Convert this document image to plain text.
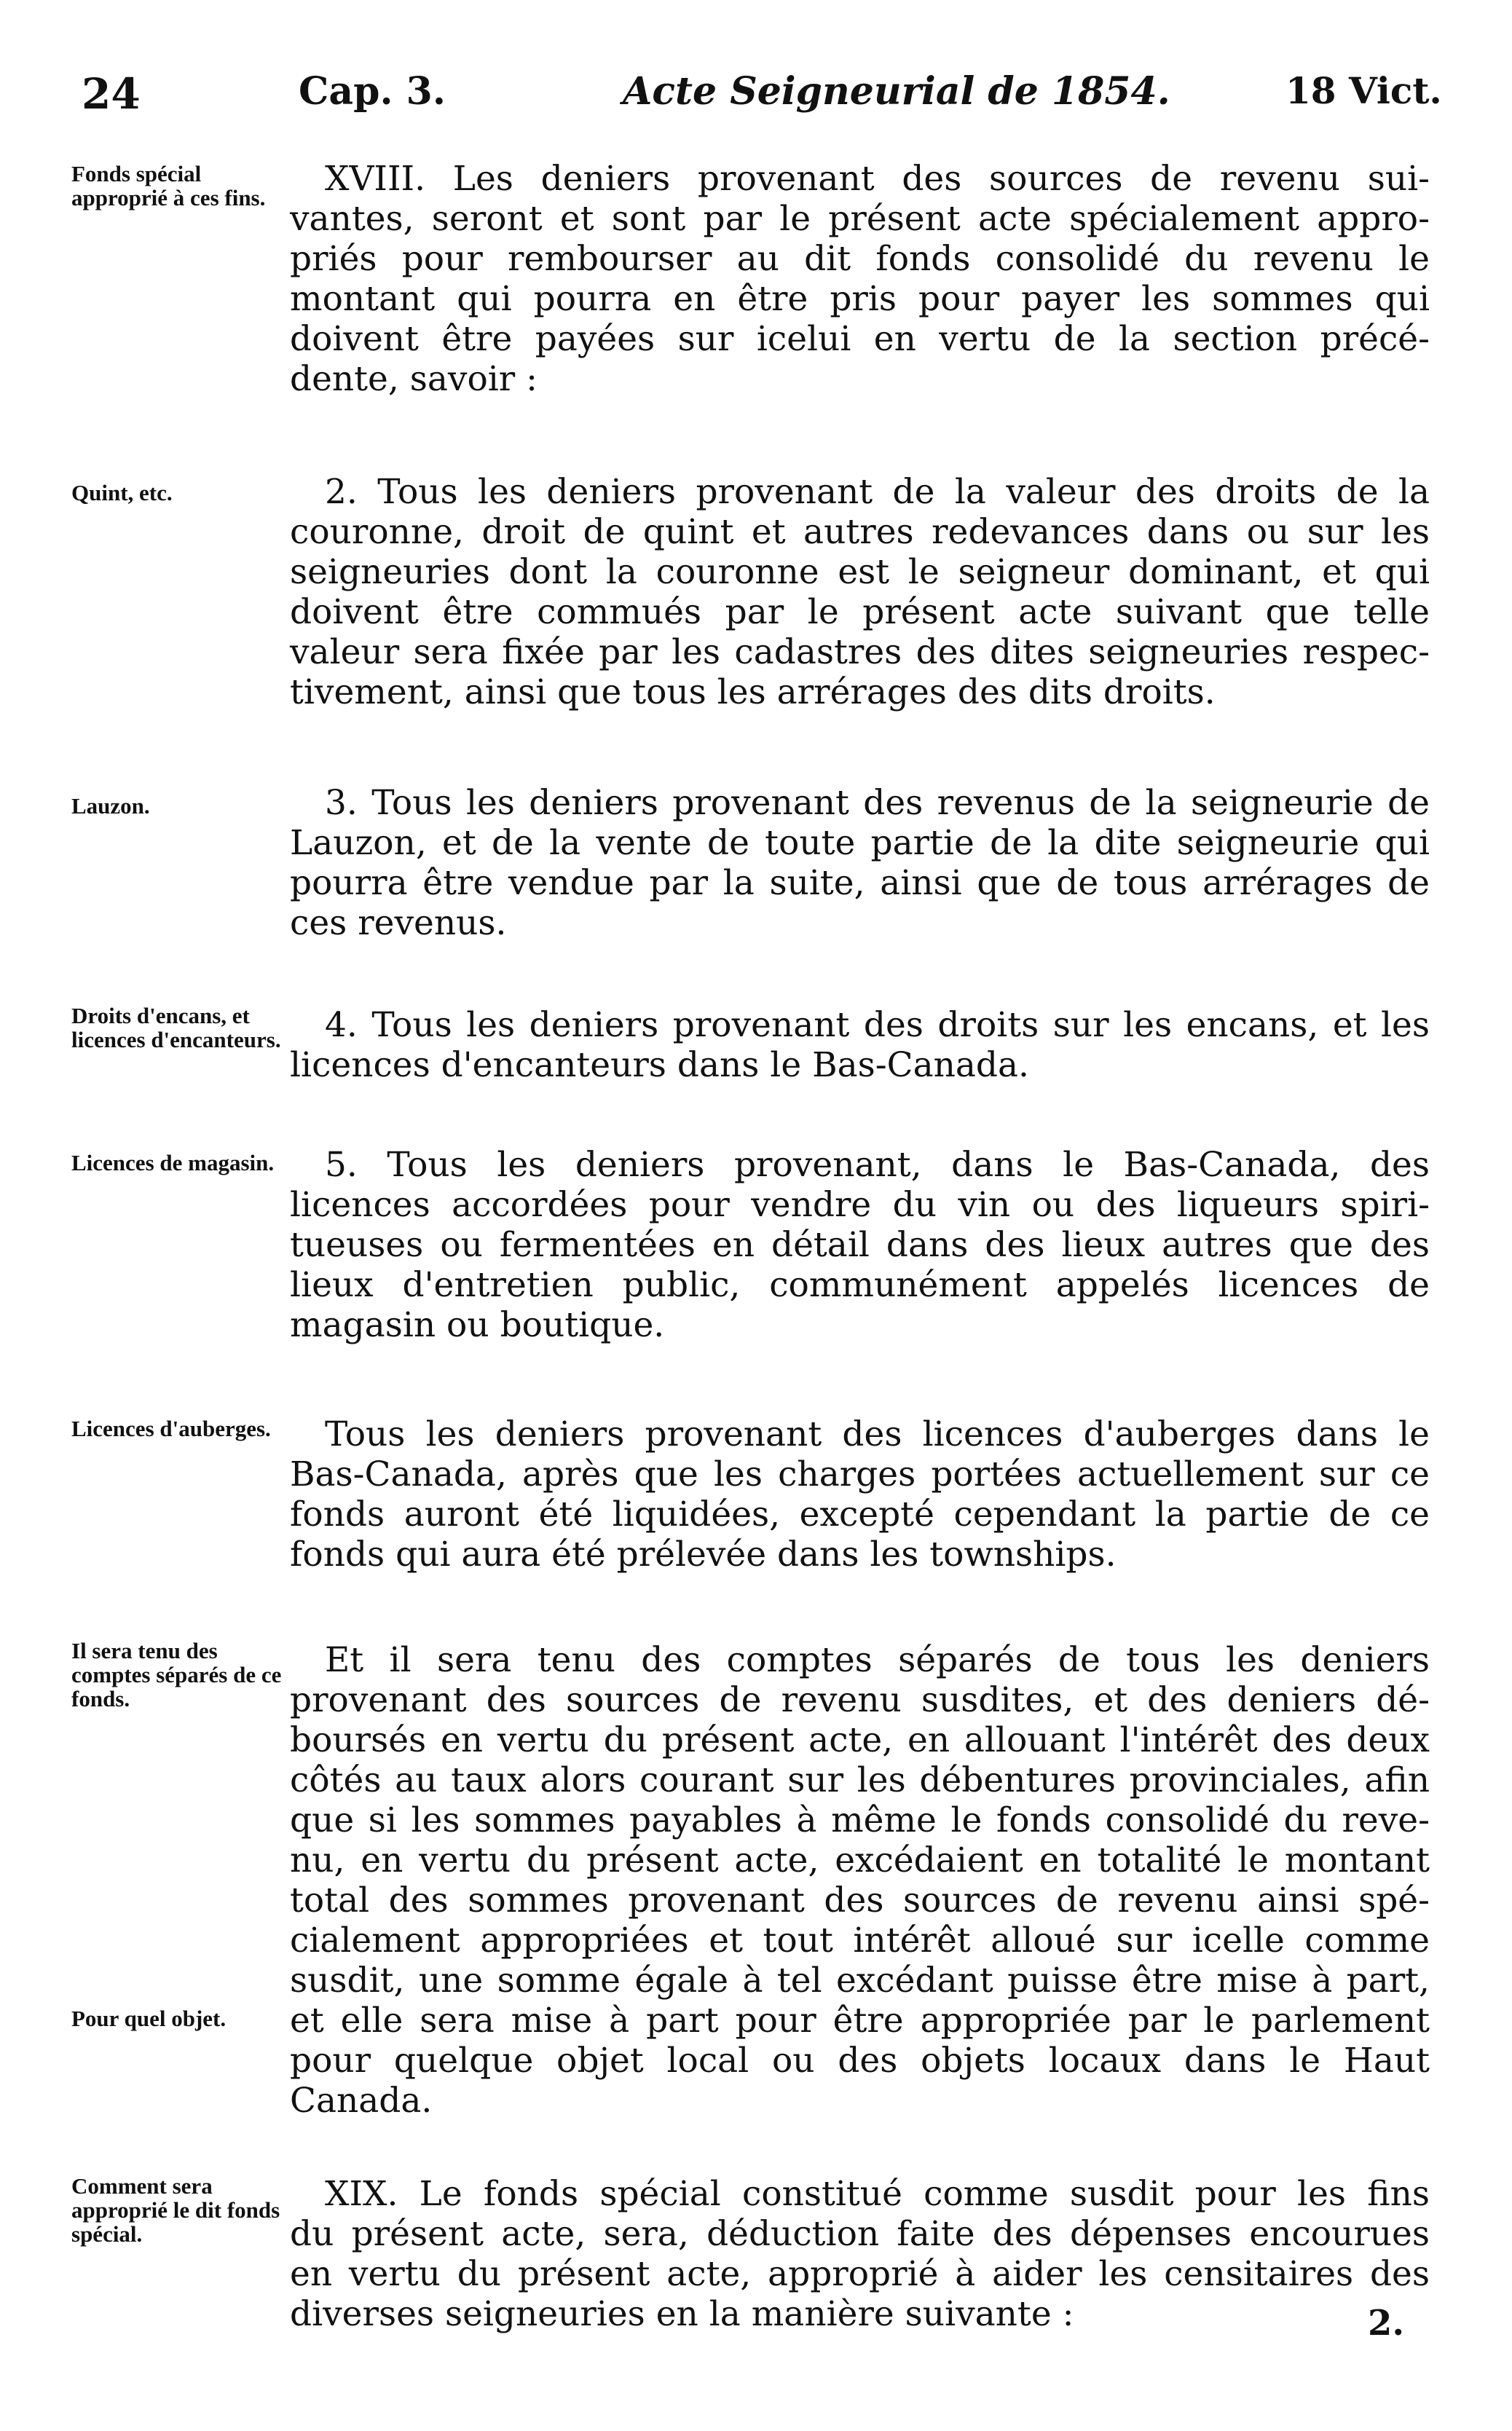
24	Cap. 3.	Acte Seigneurial de 1854.	18 Vict.
Fonds spécial approprié à ces fins.	XVIII. Les deniers provenant des sources de revenu sui-
vantes, seront et sont par le présent acte spécialement appro-
priés pour rembourser au dit fonds consolidé du revenu le
montant qui pourra en être pris pour payer les sommes qui
doivent être payées sur icelui en vertu de la section précé-
dente, savoir :
Quint, etc.	2. Tous les deniers provenant de la valeur des droits de la
couronne, droit de quint et autres redevances dans ou sur les
seigneuries dont la couronne est le seigneur dominant, et qui
doivent être commués par le présent acte suivant que telle
valeur sera fixée par les cadastres des dites seigneuries respec-
tivement, ainsi que tous les arrérages des dits droits.
Lauzon.	3. Tous les deniers provenant des revenus de la seigneurie de
Lauzon, et de la vente de toute partie de la dite seigneurie qui
pourra être vendue par la suite, ainsi que de tous arrérages de
ces revenus.
Droits d'encans, et licences d'encanteurs.	4. Tous les deniers provenant des droits sur les encans, et les
licences d'encanteurs dans le Bas-Canada.
Licences de magasin.	5. Tous les deniers provenant, dans le Bas-Canada, des
licences accordées pour vendre du vin ou des liqueurs spiri-
tueuses ou fermentées en détail dans des lieux autres que des
lieux d'entretien public, communément appelés licences de
magasin ou boutique.
Licences d'auberges.	Tous les deniers provenant des licences d'auberges dans le
Bas-Canada, après que les charges portées actuellement sur ce
fonds auront été liquidées, excepté cependant la partie de ce
fonds qui aura été prélevée dans les townships.
Il sera tenu des comptes séparés de ce fonds.
Pour quel objet.
Et il sera tenu des comptes séparés de tous les deniers
provenant des sources de revenu susdites, et des deniers dé-
boursés en vertu du présent acte, en allouant l'intérêt des deux
côtés au taux alors courant sur les débentures provinciales, afin
que si les sommes payables à même le fonds consolidé du reve-
nu, en vertu du présent acte, excédaient en totalité le montant
total des sommes provenant des sources de revenu ainsi spé-
cialement appropriées et tout intérêt alloué sur icelle comme
susdit, une somme égale à tel excédant puisse être mise à part,
et elle sera mise à part pour être appropriée par le parlement
pour quelque objet local ou des objets locaux dans le Haut
Canada.
Comment sera approprié le dit fonds spécial.
XIX. Le fonds spécial constitué comme susdit pour les fins
du présent acte, sera, déduction faite des dépenses encourues
en vertu du présent acte, approprié à aider les censitaires des
diverses seigneuries en la manière suivante :	2.
